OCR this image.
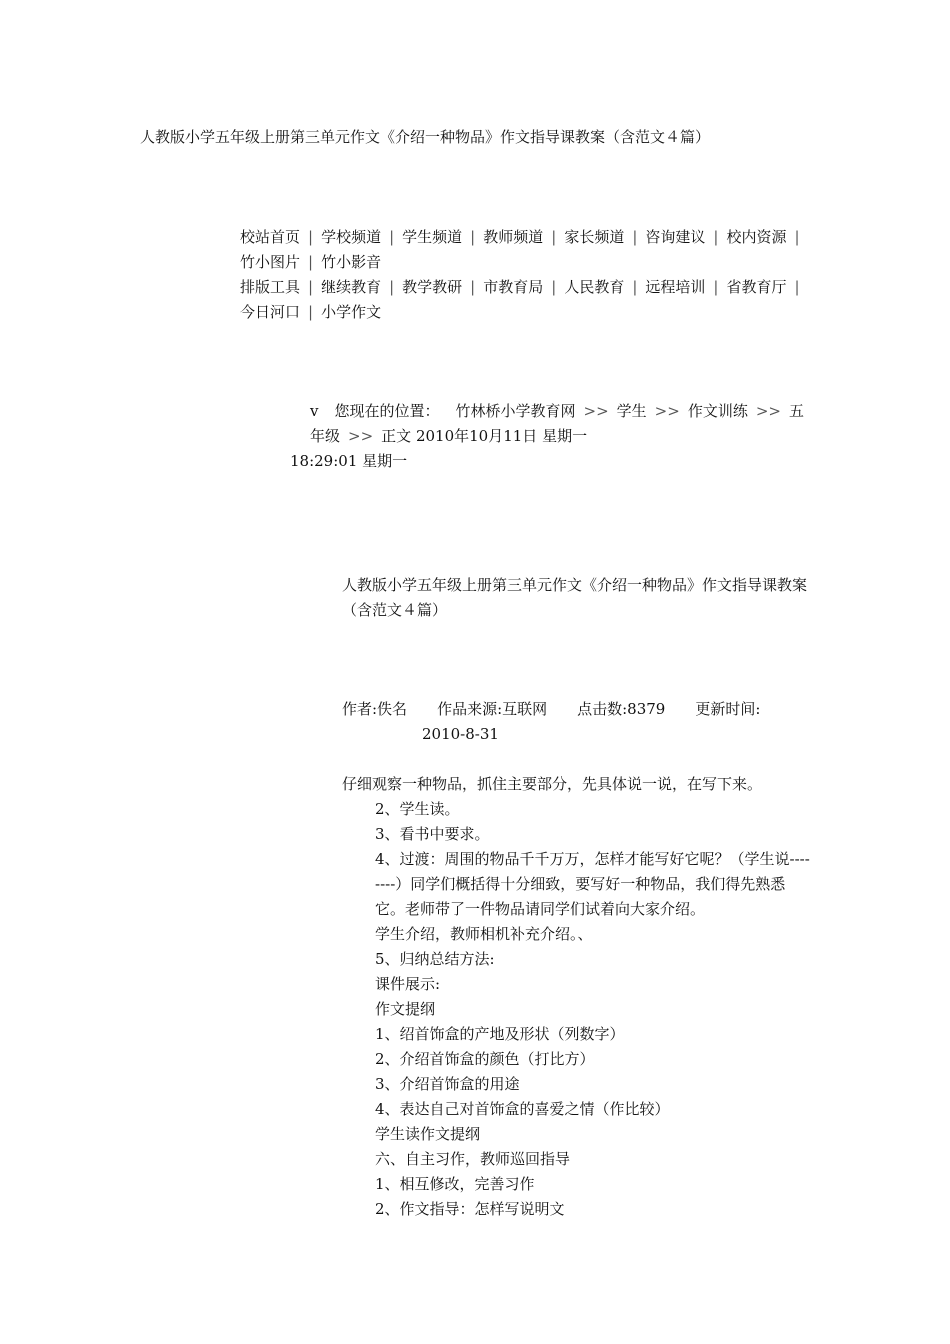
人教版小学五年级上册第三单元作文《介绍一种物品》作文指导课教案（含范文４篇）

校站首页 | 学校频道 | 学生频道 | 教师频道 | 家长频道 | 咨询建议 | 校内资源 |竹小图片 | 竹小影音

排版工具 | 继续教育 | 教学教研 | 市教育局 | 人民教育 | 远程培训 | 省教育厅 |今日河口 | 小学作文

v 您现在的位置： 竹林桥小学教育网 >> 学生 >> 作文训练 >> 五年级 >> 正文 2010年10月11日 星期一

18:29:01 星期一

人教版小学五年级上册第三单元作文《介绍一种物品》作文指导课教案（含范文４篇）

作者:佚名 作品来源:互联网 点击数:8379 更新时间:2010-8-31

仔细观察一种物品，抓住主要部分，先具体说一说，在写下来。

2、学生读。

3、看书中要求。

4、过渡：周围的物品千千万万，怎样才能写好它呢？（学生说--------）同学们概括得十分细致，要写好一种物品，我们得先熟悉它。老师带了一件物品请同学们试着向大家介绍。

学生介绍，教师相机补充介绍。、

5、归纳总结方法:

课件展示:

作文提纲

1、绍首饰盒的产地及形状（列数字）

2、介绍首饰盒的颜色（打比方）

3、介绍首饰盒的用途

4、表达自己对首饰盒的喜爱之情（作比较）

学生读作文提纲

六、自主习作，教师巡回指导

1、相互修改，完善习作

2、作文指导：怎样写说明文
